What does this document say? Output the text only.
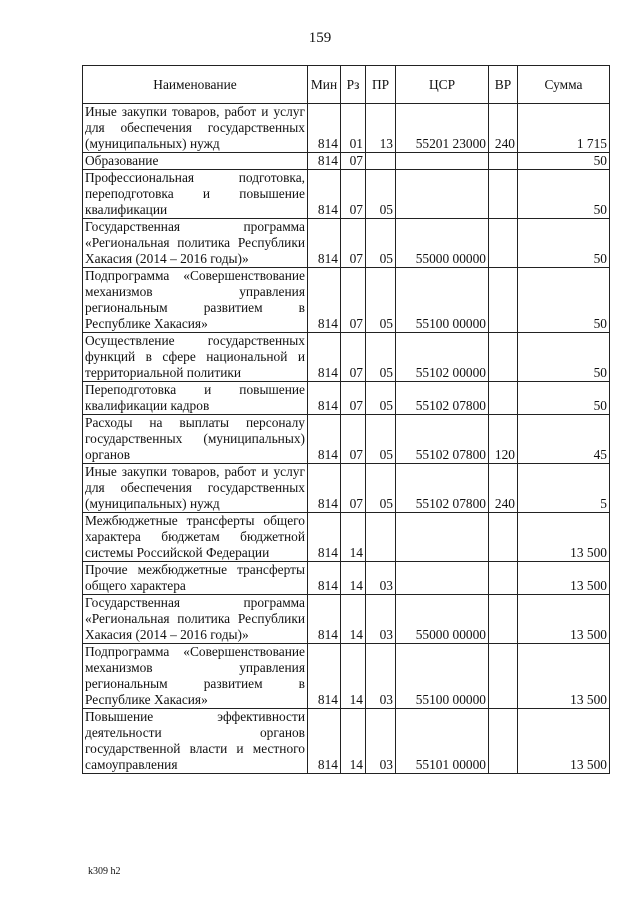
159
Наименование	Мин	Рз	ПР	ЦСР	ВР	Сумма
Иные закупки товаров, работ и услуг для обеспечения государственных (муниципальных) нужд	814	01	13	55201 23000	240	1 715
Образование	814	07				50
Профессиональная подготовка, переподготовка и повышение квалификации	814	07	05			50
Государственная программа «Региональная политика Республики Хакасия (2014 – 2016 годы)»	814	07	05	55000 00000		50
Подпрограмма «Совершенствование механизмов управления региональным развитием в Республике Хакасия»	814	07	05	55100 00000		50
Осуществление государственных функций в сфере национальной и территориальной политики	814	07	05	55102 00000		50
Переподготовка и повышение квалификации кадров	814	07	05	55102 07800		50
Расходы на выплаты персоналу государственных (муниципальных) органов	814	07	05	55102 07800	120	45
Иные закупки товаров, работ и услуг для обеспечения государственных (муниципальных) нужд	814	07	05	55102 07800	240	5
Межбюджетные трансферты общего характера бюджетам бюджетной системы Российской Федерации	814	14				13 500
Прочие межбюджетные трансферты общего характера	814	14	03			13 500
Государственная программа «Региональная политика Республики Хакасия (2014 – 2016 годы)»	814	14	03	55000 00000		13 500
Подпрограмма «Совершенствование механизмов управления региональным развитием в Республике Хакасия»	814	14	03	55100 00000		13 500
Повышение эффективности деятельности органов государственной власти и местного самоуправления	814	14	03	55101 00000		13 500
k309 h2
